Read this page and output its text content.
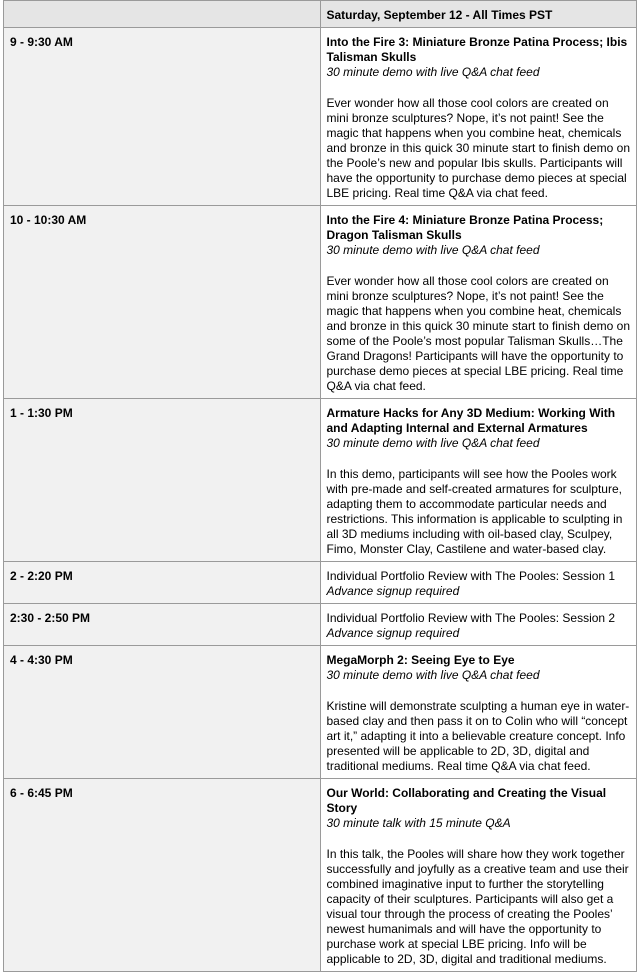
	Saturday, September 12 - All Times PST
9 - 9:30 AM	Into the Fire 3: Miniature Bronze Patina Process; Ibis Talisman Skulls
30 minute demo with live Q&A chat feed
Ever wonder how all those cool colors are created on mini bronze sculptures? Nope, it’s not paint! See the magic that happens when you combine heat, chemicals and bronze in this quick 30 minute start to finish demo on the Poole’s new and popular Ibis skulls. Participants will have the opportunity to purchase demo pieces at special LBE pricing. Real time Q&A via chat feed.

10 - 10:30 AM	Into the Fire 4: Miniature Bronze Patina Process; Dragon Talisman Skulls
30 minute demo with live Q&A chat feed
Ever wonder how all those cool colors are created on mini bronze sculptures? Nope, it’s not paint! See the magic that happens when you combine heat, chemicals and bronze in this quick 30 minute start to finish demo on some of the Poole’s most popular Talisman Skulls…The Grand Dragons! Participants will have the opportunity to purchase demo pieces at special LBE pricing. Real time Q&A via chat feed.

1 - 1:30 PM	Armature Hacks for Any 3D Medium: Working With and Adapting Internal and External Armatures
30 minute demo with live Q&A chat feed
In this demo, participants will see how the Pooles work with pre-made and self-created armatures for sculpture, adapting them to accommodate particular needs and restrictions. This information is applicable to sculpting in all 3D mediums including with oil-based clay, Sculpey, Fimo, Monster Clay, Castilene and water-based clay.

2 - 2:20 PM	Individual Portfolio Review with The Pooles: Session 1
Advance signup required

2:30 - 2:50 PM	Individual Portfolio Review with The Pooles: Session 2
Advance signup required

4 - 4:30 PM	MegaMorph 2: Seeing Eye to Eye
30 minute demo with live Q&A chat feed
Kristine will demonstrate sculpting a human eye in water-based clay and then pass it on to Colin who will “concept art it,” adapting it into a believable creature concept. Info presented will be applicable to 2D, 3D, digital and traditional mediums. Real time Q&A via chat feed.

6 - 6:45 PM	Our World: Collaborating and Creating the Visual Story
30 minute talk with 15 minute Q&A
In this talk, the Pooles will share how they work together successfully and joyfully as a creative team and use their combined imaginative input to further the storytelling capacity of their sculptures. Participants will also get a visual tour through the process of creating the Pooles’ newest humanimals and will have the opportunity to purchase work at special LBE pricing. Info will be applicable to 2D, 3D, digital and traditional mediums.
